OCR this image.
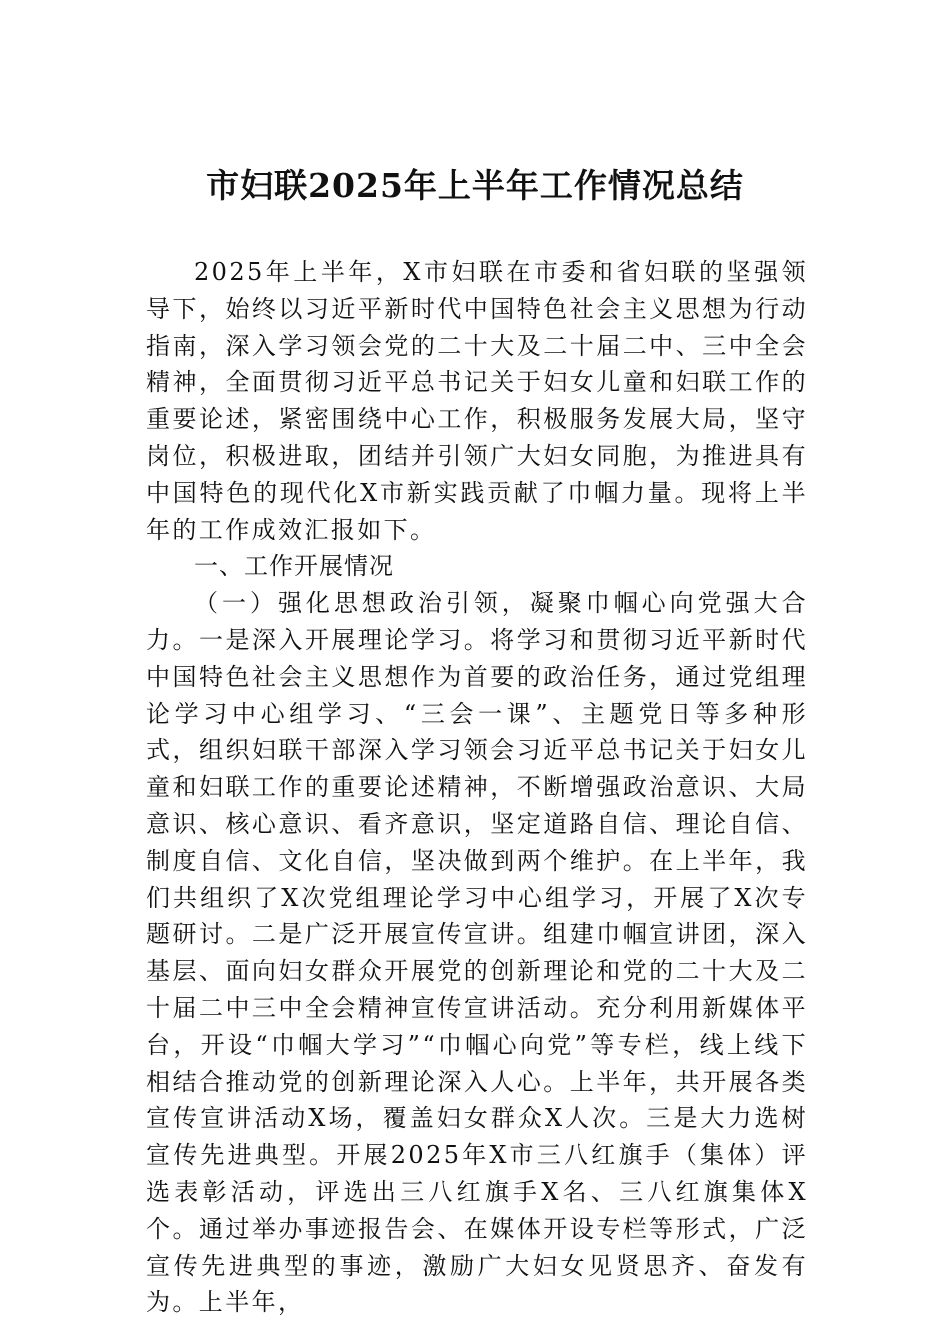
市妇联2025年上半年工作情况总结

2025年上半年，X市妇联在市委和省妇联的坚强领导下，始终以习近平新时代中国特色社会主义思想为行动指南，深入学习领会党的二十大及二十届二中、三中全会精神，全面贯彻习近平总书记关于妇女儿童和妇联工作的重要论述，紧密围绕中心工作，积极服务发展大局，坚守岗位，积极进取，团结并引领广大妇女同胞，为推进具有中国特色的现代化X市新实践贡献了巾帼力量。现将上半年的工作成效汇报如下。

一、工作开展情况

（一）强化思想政治引领，凝聚巾帼心向党强大合力。一是深入开展理论学习。将学习和贯彻习近平新时代中国特色社会主义思想作为首要的政治任务，通过党组理论学习中心组学习、“三会一课”、主题党日等多种形式，组织妇联干部深入学习领会习近平总书记关于妇女儿童和妇联工作的重要论述精神，不断增强政治意识、大局意识、核心意识、看齐意识，坚定道路自信、理论自信、制度自信、文化自信，坚决做到两个维护。在上半年，我们共组织了X次党组理论学习中心组学习，开展了X次专题研讨。二是广泛开展宣传宣讲。组建巾帼宣讲团，深入基层、面向妇女群众开展党的创新理论和党的二十大及二十届二中三中全会精神宣传宣讲活动。充分利用新媒体平台，开设“巾帼大学习”“巾帼心向党”等专栏，线上线下相结合推动党的创新理论深入人心。上半年，共开展各类宣传宣讲活动X场，覆盖妇女群众X人次。三是大力选树宣传先进典型。开展2025年X市三八红旗手（集体）评选表彰活动，评选出三八红旗手X名、三八红旗集体X个。通过举办事迹报告会、在媒体开设专栏等形式，广泛宣传先进典型的事迹，激励广大妇女见贤思齐、奋发有为。上半年，
